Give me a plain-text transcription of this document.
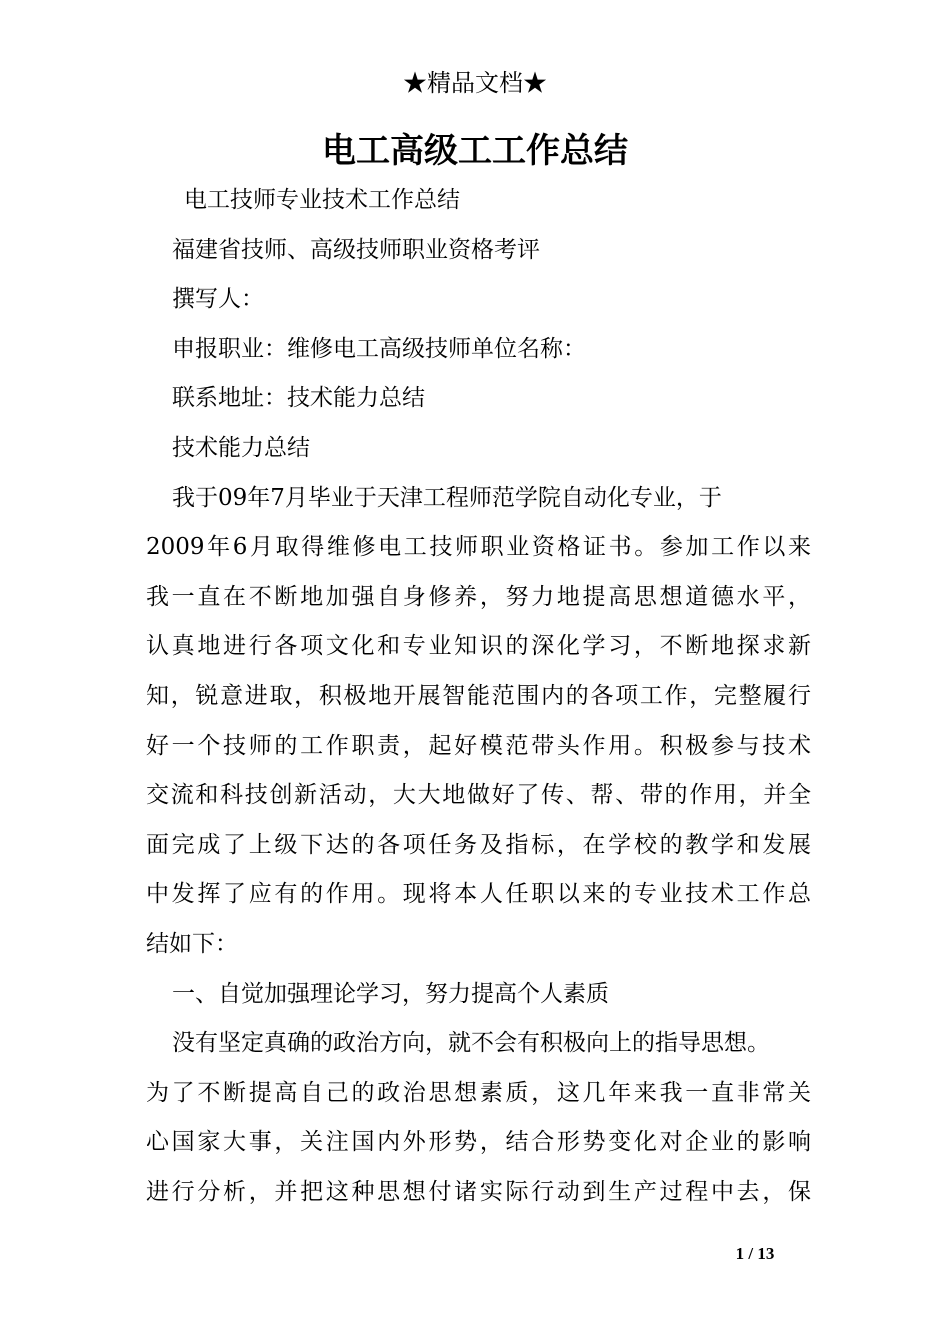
★精品文档★
电工高级工工作总结
电工技师专业技术工作总结
福建省技师、高级技师职业资格考评
撰写人：
申报职业：维修电工高级技师单位名称：
联系地址：技术能力总结
技术能力总结
我于09年7月毕业于天津工程师范学院自动化专业，于
2009年6月取得维修电工技师职业资格证书。参加工作以来
我一直在不断地加强自身修养，努力地提高思想道德水平，
认真地进行各项文化和专业知识的深化学习，不断地探求新
知，锐意进取，积极地开展智能范围内的各项工作，完整履行
好一个技师的工作职责，起好模范带头作用。积极参与技术
交流和科技创新活动，大大地做好了传、帮、带的作用，并全
面完成了上级下达的各项任务及指标，在学校的教学和发展
中发挥了应有的作用。现将本人任职以来的专业技术工作总
结如下：
一、自觉加强理论学习，努力提高个人素质
没有坚定真确的政治方向，就不会有积极向上的指导思想。
为了不断提高自己的政治思想素质，这几年来我一直非常关
心国家大事，关注国内外形势，结合形势变化对企业的影响
进行分析，并把这种思想付诸实际行动到生产过程中去，保
1 / 13
